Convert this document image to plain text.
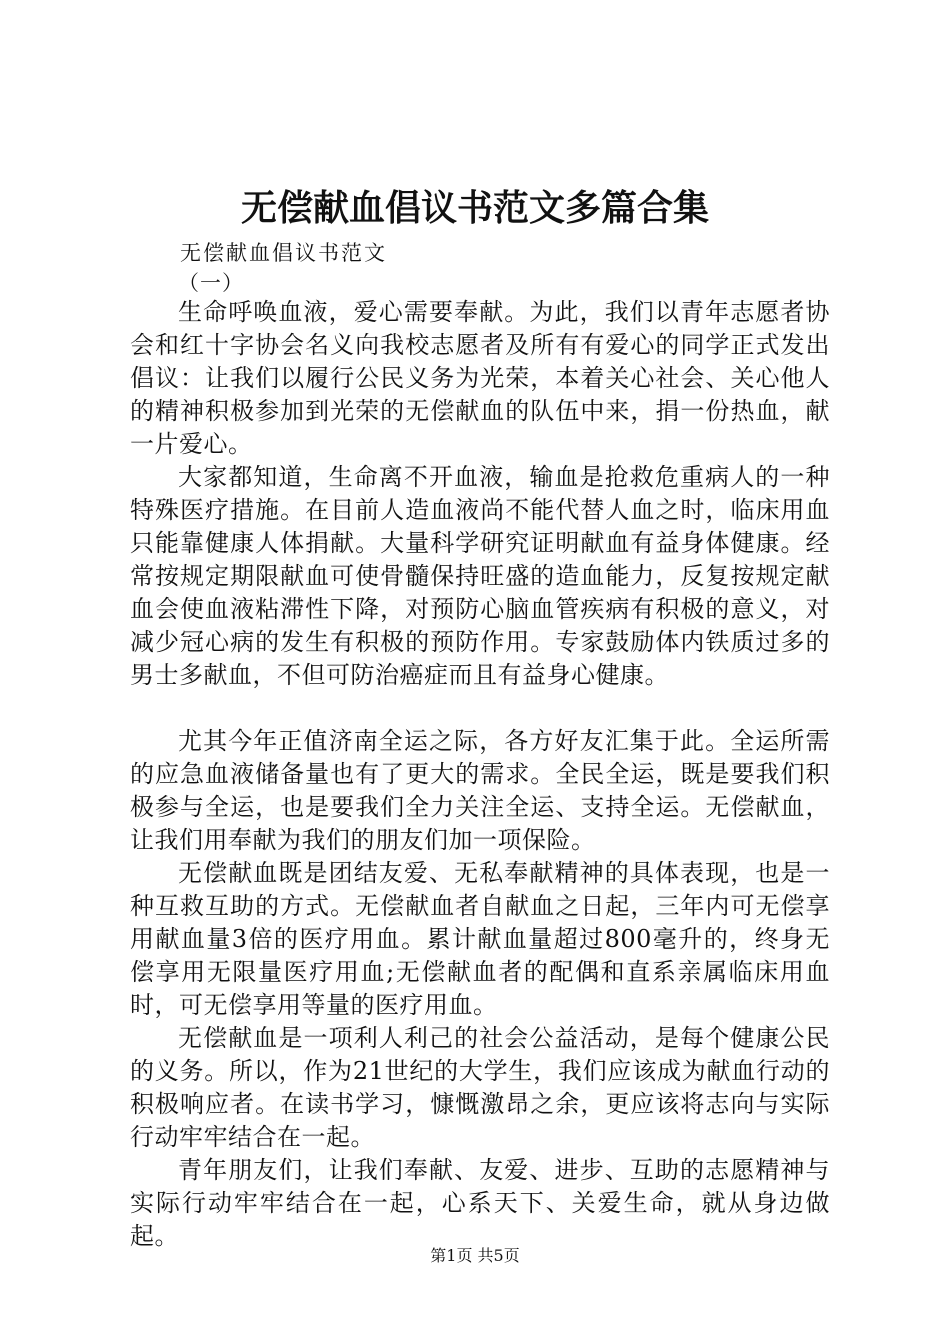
无偿献血倡议书范文多篇合集
无偿献血倡议书范文
（一）

生命呼唤血液，爱心需要奉献。为此，我们以青年志愿者协会和红十字协会名义向我校志愿者及所有有爱心的同学正式发出倡议：让我们以履行公民义务为光荣，本着关心社会、关心他人的精神积极参加到光荣的无偿献血的队伍中来，捐一份热血，献一片爱心。

大家都知道，生命离不开血液，输血是抢救危重病人的一种特殊医疗措施。在目前人造血液尚不能代替人血之时，临床用血只能靠健康人体捐献。大量科学研究证明献血有益身体健康。经常按规定期限献血可使骨髓保持旺盛的造血能力，反复按规定献血会使血液粘滞性下降，对预防心脑血管疾病有积极的意义，对减少冠心病的发生有积极的预防作用。专家鼓励体内铁质过多的男士多献血，不但可防治癌症而且有益身心健康。

尤其今年正值济南全运之际，各方好友汇集于此。全运所需的应急血液储备量也有了更大的需求。全民全运，既是要我们积极参与全运，也是要我们全力关注全运、支持全运。无偿献血，让我们用奉献为我们的朋友们加一项保险。

无偿献血既是团结友爱、无私奉献精神的具体表现，也是一种互救互助的方式。无偿献血者自献血之日起，三年内可无偿享用献血量3倍的医疗用血。累计献血量超过800毫升的，终身无偿享用无限量医疗用血;无偿献血者的配偶和直系亲属临床用血时，可无偿享用等量的医疗用血。

无偿献血是一项利人利己的社会公益活动，是每个健康公民的义务。所以，作为21世纪的大学生，我们应该成为献血行动的积极响应者。在读书学习，慷慨激昂之余，更应该将志向与实际行动牢牢结合在一起。

青年朋友们，让我们奉献、友爱、进步、互助的志愿精神与实际行动牢牢结合在一起，心系天下、关爱生命，就从身边做起。

第1页 共5页
